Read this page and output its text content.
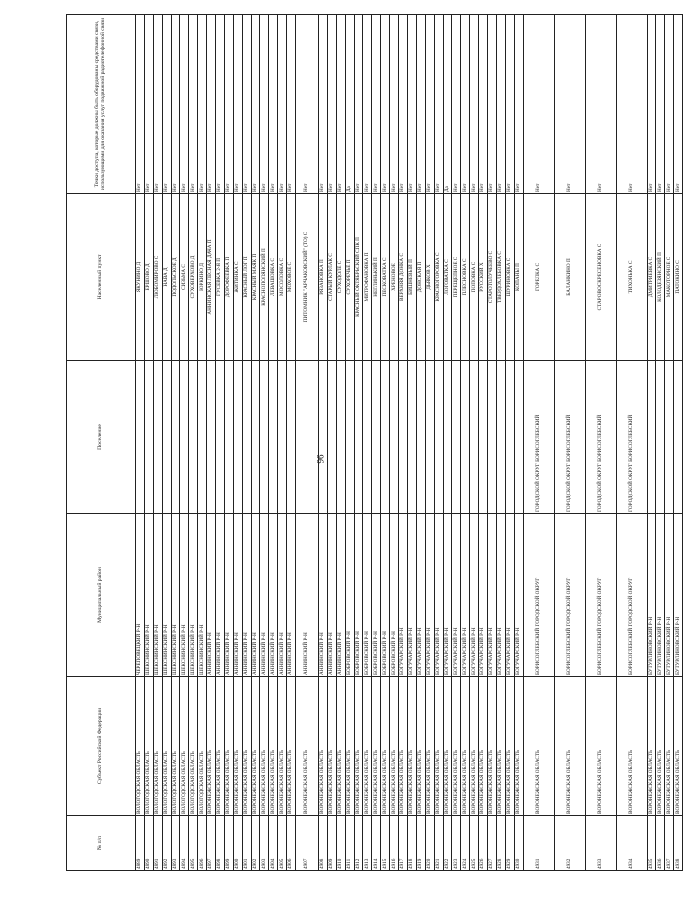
96
№ п/п	Субъект Российской Федерации	Муниципальный район	Поселение	Населенный пункт	Точки доступа, которые должны быть оборудованы средствами связи, использующими для оказания услуг подвижной радиотелефонной связи
4889	ВОЛОГОДСКАЯ ОБЛАСТЬ	ЧЕРЕПОВЕЦКИЙ Р-Н		ЯКУНИНО Д	Нет
4890	ВОЛОГОДСКАЯ ОБЛАСТЬ	ШЕКСНИНСКИЙ Р-Н		ЕРШОВО Д	Нет
4891	ВОЛОГОДСКАЯ ОБЛАСТЬ	ШЕКСНИНСКИЙ Р-Н		ЛЮБОМИРОВО С	Нет
4892	ВОЛОГОДСКАЯ ОБЛАСТЬ	ШЕКСНИНСКИЙ Р-Н		НАВА Д	Нет
4893	ВОЛОГОДСКАЯ ОБЛАСТЬ	ШЕКСНИНСКИЙ Р-Н		ПОДОЛЬСКОЕ Д	Нет
4894	ВОЛОГОДСКАЯ ОБЛАСТЬ	ШЕКСНИНСКИЙ Р-Н		СИЗЬМА С	Нет
4895	ВОЛОГОДСКАЯ ОБЛАСТЬ	ШЕКСНИНСКИЙ Р-Н		СУХОВЕРХОВО Д	Нет
4896	ВОЛОГОДСКАЯ ОБЛАСТЬ	ШЕКСНИНСКИЙ Р-Н		ЮРКИНО Д	Нет
4897	ВОРОНЕЖСКАЯ ОБЛАСТЬ	АННИНСКИЙ Р-Н		АННИНСКАЯ ЛЕСНАЯ ДАЧА П	Нет
4898	ВОРОНЕЖСКАЯ ОБЛАСТЬ	АННИНСКИЙ Р-Н		ГУСЕВКА 2-Я П	Нет
4899	ВОРОНЕЖСКАЯ ОБЛАСТЬ	АННИНСКИЙ Р-Н		ДОРОФЕЕВКА П	Нет
4900	ВОРОНЕЖСКАЯ ОБЛАСТЬ	АННИНСКИЙ Р-Н		ЖИТИНКА С	Нет
4901	ВОРОНЕЖСКАЯ ОБЛАСТЬ	АННИНСКИЙ Р-Н		КРАСНЫЙ ЛОГ П	Нет
4902	ВОРОНЕЖСКАЯ ОБЛАСТЬ	АННИНСКИЙ Р-Н		КРАСНЫЙ МАЯК П	Нет
4903	ВОРОНЕЖСКАЯ ОБЛАСТЬ	АННИНСКИЙ Р-Н		КРАСНОПОЛЯНСКИЙ П	Нет
4904	ВОРОНЕЖСКАЯ ОБЛАСТЬ	АННИНСКИЙ Р-Н		ЛЕВАШОВКА С	Нет
4905	ВОРОНЕЖСКАЯ ОБЛАСТЬ	АННИНСКИЙ Р-Н		МОСОЛОВКА С	Нет
4906	ВОРОНЕЖСКАЯ ОБЛАСТЬ	АННИНСКИЙ Р-Н		МОХОВОЕ С	Нет
4907	ВОРОНЕЖСКАЯ ОБЛАСТЬ	АННИНСКИЙ Р-Н		ПИТОМНИК "АРЧАКОВСКИЙ" (ТО) С	Нет
4908	ВОРОНЕЖСКАЯ ОБЛАСТЬ	АННИНСКИЙ Р-Н		РЯЗАНОВКА П	Нет
4909	ВОРОНЕЖСКАЯ ОБЛАСТЬ	АННИНСКИЙ Р-Н		СТАРЫЙ КУРЛАК С	Нет
4910	ВОРОНЕЖСКАЯ ОБЛАСТЬ	АННИНСКИЙ Р-Н		СУХОДОЛЕ С	Нет
4911	ВОРОНЕЖСКАЯ ОБЛАСТЬ	БОБРОВСКИЙ Р-Н		СУХОРЕЧЬЕ П	Да
4912	ВОРОНЕЖСКАЯ ОБЛАСТЬ	БОБРОВСКИЙ Р-Н		КРАСНЫЙ ОКТЯБРЬСКИЙ СПК П	Нет
4913	ВОРОНЕЖСКАЯ ОБЛАСТЬ	БОБРОВСКИЙ Р-Н		МИТРОФАНОВКА П	Нет
4914	ВОРОНЕЖСКАЯ ОБЛАСТЬ	БОБРОВСКИЙ Р-Н		НЕГЛИНЬКИЙ П	Нет
4915	ВОРОНЕЖСКАЯ ОБЛАСТЬ	БОБРОВСКИЙ Р-Н		ПЕСКОВАТКА С	Нет
4916	ВОРОНЕЖСКАЯ ОБЛАСТЬ	БОБРОВСКИЙ Р-Н		ХРЕНОВОЕ	Нет
4917	ВОРОНЕЖСКАЯ ОБЛАСТЬ	БОГУЧАРСКИЙ Р-Н		ВЕРХНЯЯ ДОНКА С	Нет
4918	ВОРОНЕЖСКАЯ ОБЛАСТЬ	БОГУЧАРСКИЙ Р-Н		БИШНЕВЫЙ П	Нет
4919	ВОРОНЕЖСКАЯ ОБЛАСТЬ	БОГУЧАРСКИЙ Р-Н		ДОНСКАЯ П	Нет
4920	ВОРОНЕЖСКАЯ ОБЛАСТЬ	БОГУЧАРСКИЙ Р-Н		ДЬЯКОВ Х	Нет
4921	ВОРОНЕЖСКАЯ ОБЛАСТЬ	БОГУЧАРСКИЙ Р-Н		КРАСНОГОРОВКА С	Нет
4922	ВОРОНЕЖСКАЯ ОБЛАСТЬ	БОГУЧАРСКИЙ Р-Н		ЛОГОВАТКА С	Да
4923	ВОРОНЕЖСКАЯ ОБЛАСТЬ	БОГУЧАРСКИЙ Р-Н		ПЕРЕЩЕПНОЕ С	Нет
4924	ВОРОНЕЖСКАЯ ОБЛАСТЬ	БОГУЧАРСКИЙ Р-Н		ПЛЕСНОВКА С	Нет
4925	ВОРОНЕЖСКАЯ ОБЛАСТЬ	БОГУЧАРСКИЙ Р-Н		ПОПОВКА С	Нет
4926	ВОРОНЕЖСКАЯ ОБЛАСТЬ	БОГУЧАРСКИЙ Р-Н		РУССКИЙ Х	Нет
4927	ВОРОНЕЖСКАЯ ОБЛАСТЬ	БОГУЧАРСКИЙ Р-Н		СТАРОТОЛУЧЕЕВО С	Нет
4928	ВОРОНЕЖСКАЯ ОБЛАСТЬ	БОГУЧАРСКИЙ Р-Н		ТВЕРДОХЛЕБОВКА С	Нет
4929	ВОРОНЕЖСКАЯ ОБЛАСТЬ	БОГУЧАРСКИЙ Р-Н		ШУРИНОВКА С	Нет
4930	ВОРОНЕЖСКАЯ ОБЛАСТЬ	БОГУЧАРСКИЙ Р-Н		КОПАНЫ П	Нет
4931	ВОРОНЕЖСКАЯ ОБЛАСТЬ	БОРИСОГЛЕБСКИЙ ГОРОДСКОЙ ОКРУГ	ГОРОДСКОЙ ОКРУГ БОРИСОГЛЕБСКИЙ	ГОРЕЛКА С	Нет
4932	ВОРОНЕЖСКАЯ ОБЛАСТЬ	БОРИСОГЛЕБСКИЙ ГОРОДСКОЙ ОКРУГ	ГОРОДСКОЙ ОКРУГ БОРИСОГЛЕБСКИЙ	БАЛАНКИНО П	Нет
4933	ВОРОНЕЖСКАЯ ОБЛАСТЬ	БОРИСОГЛЕБСКИЙ ГОРОДСКОЙ ОКРУГ	ГОРОДСКОЙ ОКРУГ БОРИСОГЛЕБСКИЙ	СТАРОВОСКРЕСЕНОВКА С	Нет
4934	ВОРОНЕЖСКАЯ ОБЛАСТЬ	БОРИСОГЛЕБСКИЙ ГОРОДСКОЙ ОКРУГ	ГОРОДСКОЙ ОКРУГ БОРИСОГЛЕБСКИЙ	ТИХОНЬКА С	Нет
4935	ВОРОНЕЖСКАЯ ОБЛАСТЬ	БУТУРЛИНОВСКИЙ Р-Н		ДМИТРИЕВКА С	Нет
4936	ВОРОНЕЖСКАЯ ОБЛАСТЬ	БУТУРЛИНОВСКИЙ Р-Н		КОЛОДЕЗЯНСКИЙ П	Нет
4937	ВОРОНЕЖСКАЯ ОБЛАСТЬ	БУТУРЛИНОВСКИЙ Р-Н		МАКОТОРНОЕ С	Нет
4938	ВОРОНЕЖСКАЯ ОБЛАСТЬ	БУТУРЛИНОВСКИЙ Р-Н		ПАТОКИНО С	Нет
